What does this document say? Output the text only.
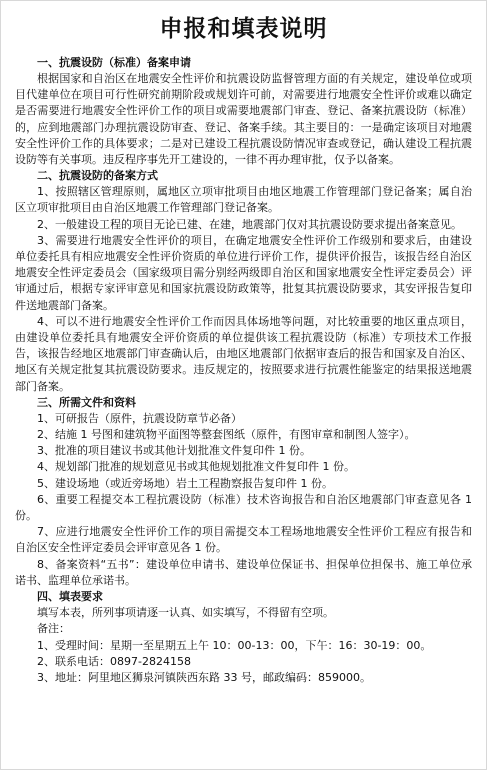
申报和填表说明

一、抗震设防（标准）备案申请

根据国家和自治区在地震安全性评价和抗震设防监督管理方面的有关规定，建设单位或项目代建单位在项目可行性研究前期阶段或规划许可前，对需要进行地震安全性评价或难以确定是否需要进行地震安全性评价工作的项目或需要地震部门审查、登记、备案抗震设防（标准）的，应到地震部门办理抗震设防审查、登记、备案手续。其主要目的：一是确定该项目对地震安全性评价工作的具体要求；二是对已建设工程抗震设防情况审查或登记，确认建设工程抗震设防等有关事项。违反程序事先开工建设的，一律不再办理审批，仅予以备案。

二、抗震设防的备案方式

1、按照辖区管理原则，属地区立项审批项目由地区地震工作管理部门登记备案；属自治区立项审批项目由自治区地震工作管理部门登记备案。

2、一般建设工程的项目无论已建、在建，地震部门仅对其抗震设防要求提出备案意见。

3、需要进行地震安全性评价的项目，在确定地震安全性评价工作级别和要求后，由建设单位委托具有相应地震安全性评价资质的单位进行评价工作，提供评价报告，该报告经自治区地震安全性评定委员会（国家级项目需分别经两级即自治区和国家地震安全性评定委员会）评审通过后，根据专家评审意见和国家抗震设防政策等，批复其抗震设防要求，其安评报告复印件送地震部门备案。

4、可以不进行地震安全性评价工作而因具体场地等问题，对比较重要的地区重点项目，由建设单位委托具有地震安全评价资质的单位提供该工程抗震设防（标准）专项技术工作报告，该报告经地区地震部门审查确认后，由地区地震部门依据审查后的报告和国家及自治区、地区有关规定批复其抗震设防要求。违反规定的，按照要求进行抗震性能鉴定的结果报送地震部门备案。

三、所需文件和资料

1、可研报告（原件，抗震设防章节必备）

2、结施 1 号图和建筑物平面图等整套图纸（原件，有图审章和制图人签字）。

3、批准的项目建议书或其他计划批准文件复印件 1 份。

4、规划部门批准的规划意见书或其他规划批准文件复印件 1 份。

5、建设场地（或近旁场地）岩土工程勘察报告复印件 1 份。

6、重要工程提交本工程抗震设防（标准）技术咨询报告和自治区地震部门审查意见各 1 份。

7、应进行地震安全性评价工作的项目需提交本工程场地地震安全性评价工程应有报告和自治区安全性评定委员会评审意见各 1 份。

8、备案资料“五书”：建设单位申请书、建设单位保证书、担保单位担保书、施工单位承诺书、监理单位承诺书。

四、填表要求

填写本表，所列事项请逐一认真、如实填写，不得留有空项。

备注：

1、受理时间：星期一至星期五上午 10：00-13：00，下午：16：30-19：00。

2、联系电话：0897-2824158

3、地址：阿里地区狮泉河镇陕西东路 33 号，邮政编码：859000。
